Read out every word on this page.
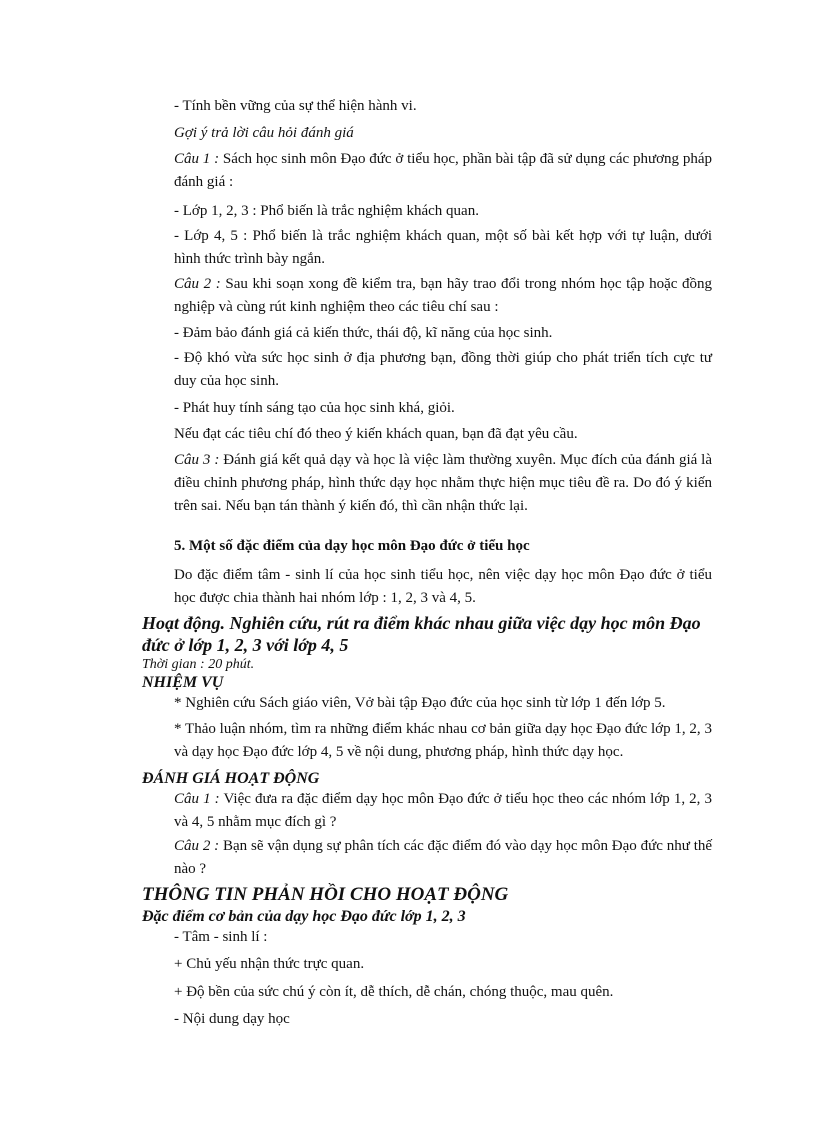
- Tính bền vững của sự thể hiện hành vi.
Gợi ý trả lời câu hỏi đánh giá
Câu 1 : Sách học sinh môn Đạo đức ở tiểu học, phần bài tập đã sử dụng các phương pháp đánh giá :
- Lớp 1, 2, 3 : Phổ biến là trắc nghiệm khách quan.
- Lớp 4, 5 : Phổ biến là trắc nghiệm khách quan, một số bài kết hợp với tự luận, dưới hình thức trình bày ngắn.
Câu 2 : Sau khi soạn xong đề kiểm tra, bạn hãy trao đổi trong nhóm học tập hoặc đồng nghiệp và cùng rút kinh nghiệm theo các tiêu chí sau :
- Đảm bảo đánh giá cả kiến thức, thái độ, kĩ năng của học sinh.
- Độ khó vừa sức học sinh ở địa phương bạn, đồng thời giúp cho phát triển tích cực tư duy của học sinh.
- Phát huy tính sáng tạo của học sinh khá, giỏi.
Nếu đạt các tiêu chí đó theo ý kiến khách quan, bạn đã đạt yêu cầu.
Câu 3 : Đánh giá kết quả dạy và học là việc làm thường xuyên. Mục đích của đánh giá là điều chỉnh phương pháp, hình thức dạy học nhằm thực hiện mục tiêu đề ra. Do đó ý kiến trên sai. Nếu bạn tán thành ý kiến đó, thì cần nhận thức lại.
5. Một số đặc điểm của dạy học môn Đạo đức ở tiểu học
Do đặc điểm tâm - sinh lí của học sinh tiểu học, nên việc dạy học môn Đạo đức ở tiểu học được chia thành hai nhóm lớp : 1, 2, 3 và 4, 5.
Hoạt động. Nghiên cứu, rút ra điểm khác nhau giữa việc dạy học môn Đạo đức ở lớp 1, 2, 3 với lớp 4, 5
Thời gian : 20 phút.
NHIỆM VỤ
* Nghiên cứu Sách giáo viên, Vở bài tập Đạo đức của học sinh từ lớp 1 đến lớp 5.
* Thảo luận nhóm, tìm ra những điểm khác nhau cơ bản giữa dạy học Đạo đức lớp 1, 2, 3 và dạy học Đạo đức lớp 4, 5 về nội dung, phương pháp, hình thức dạy học.
ĐÁNH GIÁ HOẠT ĐỘNG
Câu 1 : Việc đưa ra đặc điểm dạy học môn Đạo đức ở tiểu học theo các nhóm lớp 1, 2, 3 và 4, 5 nhằm mục đích gì ?
Câu 2 : Bạn sẽ vận dụng sự phân tích các đặc điểm đó vào dạy học môn Đạo đức như thế nào ?
THÔNG TIN PHẢN HỒI CHO HOẠT ĐỘNG
Đặc điểm cơ bản của dạy học Đạo đức lớp 1, 2, 3
- Tâm - sinh lí :
+ Chủ yếu nhận thức trực quan.
+ Độ bền của sức chú ý còn ít, dễ thích, dễ chán, chóng thuộc, mau quên.
- Nội dung dạy học
